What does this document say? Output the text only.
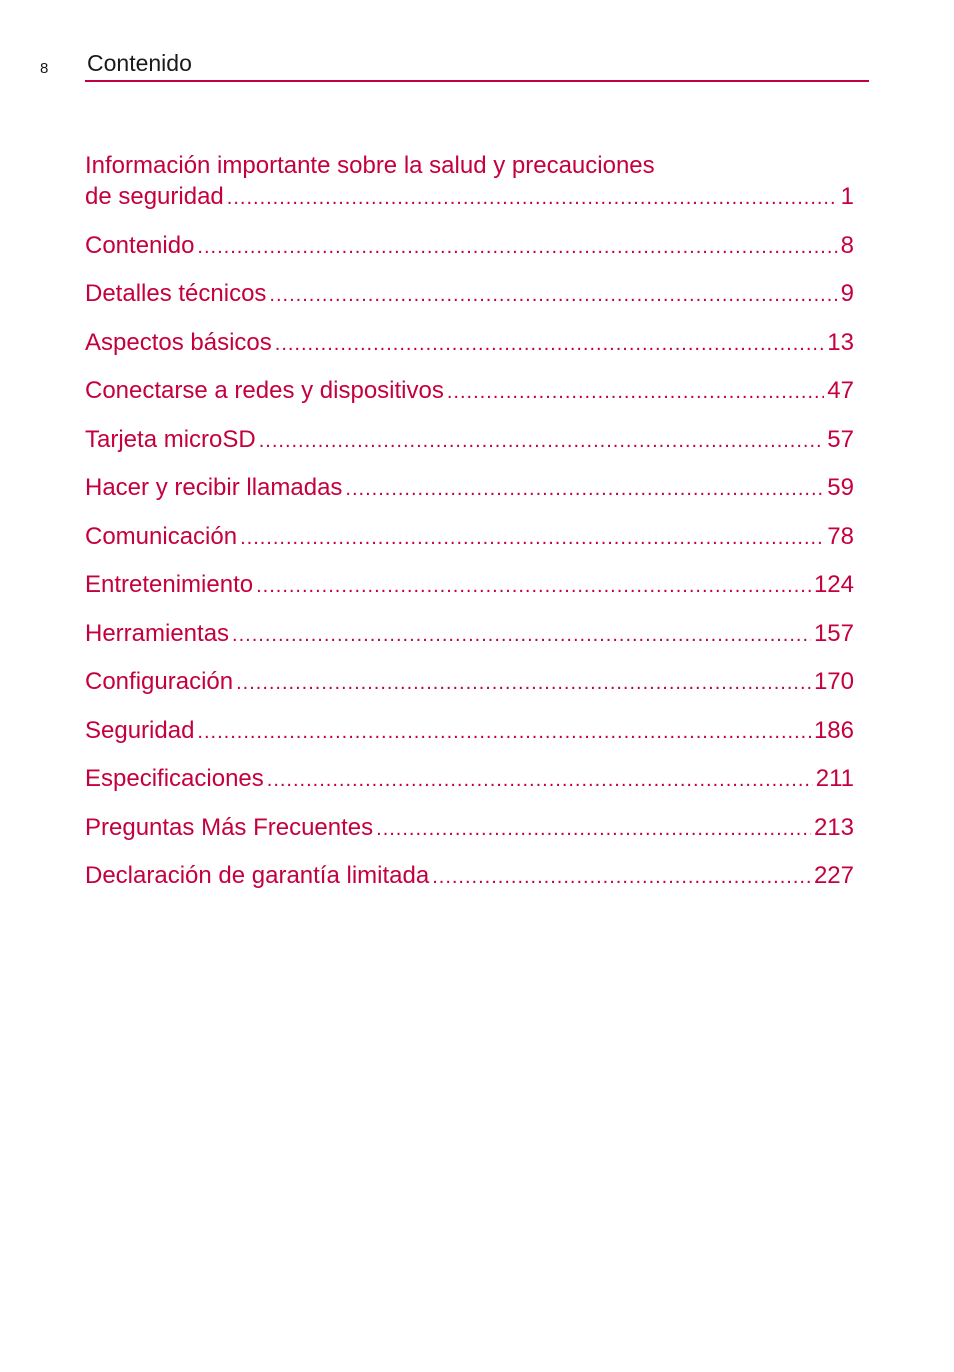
8 Contenido
Información importante sobre la salud y precauciones
de seguridad .....	1
Contenido .....	8
Detalles técnicos .....	9
Aspectos básicos .....	13
Conectarse a redes y dispositivos .....	47
Tarjeta microSD .....	57
Hacer y recibir llamadas .....	59
Comunicación .....	78
Entretenimiento .....	124
Herramientas .....	157
Configuración .....	170
Seguridad .....	186
Especificaciones .....	211
Preguntas Más Frecuentes .....	213
Declaración de garantía limitada .....	227
